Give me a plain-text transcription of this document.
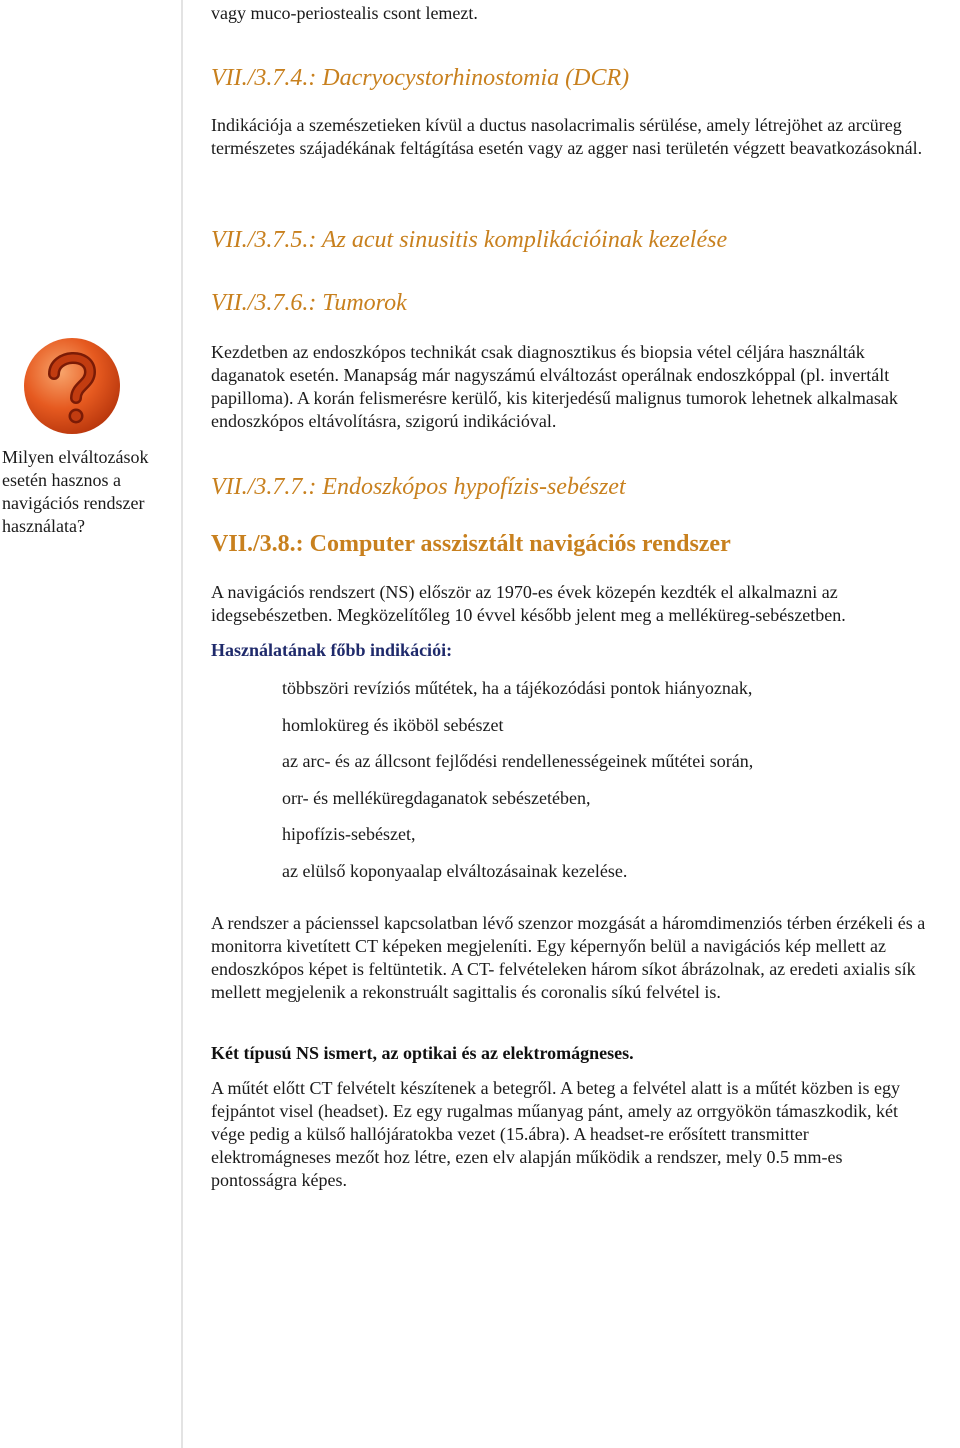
Milyen elváltozások esetén hasznos a navigációs rendszer használata?

vagy muco-periostealis csont lemezt.

VII./3.7.4.: Dacryocystorhinostomia (DCR)

Indikációja a szemészetieken kívül a ductus nasolacrimalis sérülése, amely létrejöhet az arcüreg természetes szájadékának feltágítása esetén vagy az agger nasi területén végzett beavatkozásoknál.

VII./3.7.5.: Az acut sinusitis komplikációinak kezelése
VII./3.7.6.: Tumorok

Kezdetben az endoszkópos technikát csak diagnosztikus és biopsia vétel céljára használták daganatok esetén. Manapság már nagyszámú elváltozást operálnak endoszkóppal (pl. invertált papilloma). A korán felismerésre kerülő, kis kiterjedésű malignus tumorok lehetnek alkalmasak endoszkópos eltávolításra, szigorú indikációval.

VII./3.7.7.: Endoszkópos hypofízis-sebészet
VII./3.8.: Computer asszisztált navigációs rendszer

A navigációs rendszert (NS) először az 1970-es évek közepén kezdték el alkalmazni az idegsebészetben. Megközelítőleg 10 évvel később jelent meg a melléküreg-sebészetben.

Használatának főbb indikációi:

többszöri revíziós műtétek, ha a tájékozódási pontok hiányoznak,
homloküreg és iköböl sebészet
az arc- és az állcsont fejlődési rendellenességeinek műtétei során,
orr- és melléküregdaganatok sebészetében,
hipofízis-sebészet,
az elülső koponyaalap elváltozásainak kezelése.

A rendszer a pácienssel kapcsolatban lévő szenzor mozgását a háromdimenziós térben érzékeli és a monitorra kivetített CT képeken megjeleníti. Egy képernyőn belül a navigációs kép mellett az endoszkópos képet is feltüntetik. A CT- felvételeken három síkot ábrázolnak, az eredeti axialis sík mellett megjelenik a rekonstruált sagittalis és coronalis síkú felvétel is.

Két típusú NS ismert, az optikai és az elektromágneses.

A műtét előtt CT felvételt készítenek a betegről. A beteg a felvétel alatt is a műtét közben is egy fejpántot visel (headset). Ez egy rugalmas műanyag pánt, amely az orrgyökön támaszkodik, két vége pedig a külső hallójáratokba vezet (15.ábra). A headset-re erősített transmitter elektromágneses mezőt hoz létre, ezen elv alapján működik a rendszer, mely 0.5 mm-es pontosságra képes.
